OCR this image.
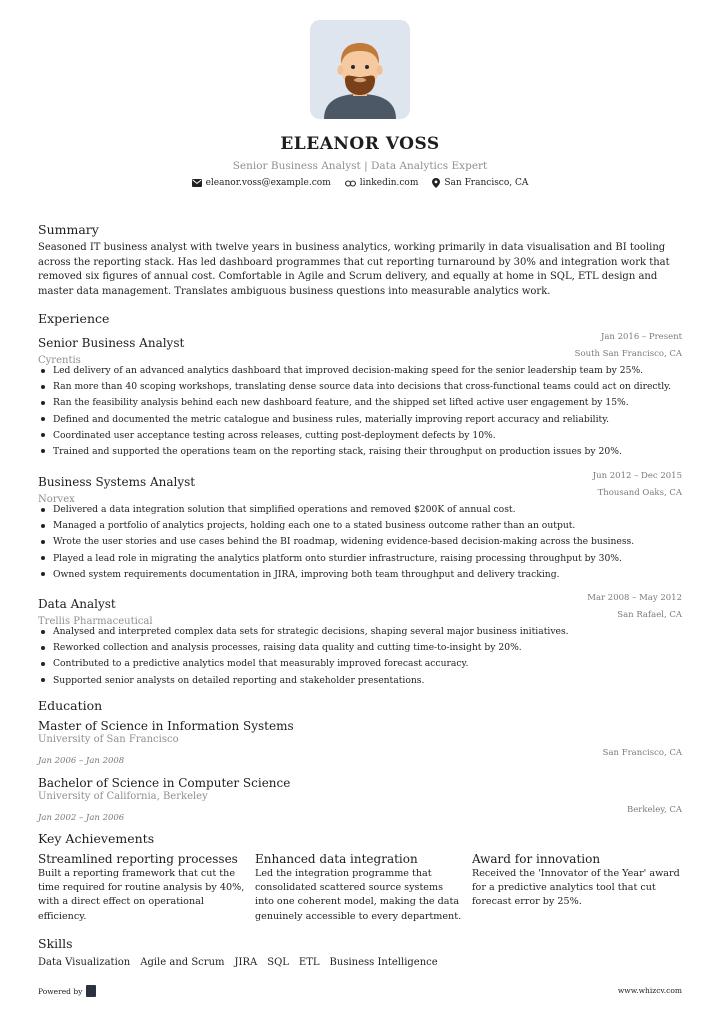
ELEANOR VOSS
Senior Business Analyst | Data Analytics Expert
eleanor.voss@example.com	linkedin.com	San Francisco, CA
Summary
Seasoned IT business analyst with twelve years in business analytics, working primarily in data visualisation and BI tooling across the reporting stack. Has led dashboard programmes that cut reporting turnaround by 30% and integration work that removed six figures of annual cost. Comfortable in Agile and Scrum delivery, and equally at home in SQL, ETL design and master data management. Translates ambiguous business questions into measurable analytics work.
Experience
Senior Business Analyst	Jan 2016 – Present
Cyrentis
South San Francisco, CA
Led delivery of an advanced analytics dashboard that improved decision-making speed for the senior leadership team by 25%.
Ran more than 40 scoping workshops, translating dense source data into decisions that cross-functional teams could act on directly.
Ran the feasibility analysis behind each new dashboard feature, and the shipped set lifted active user engagement by 15%.
Defined and documented the metric catalogue and business rules, materially improving report accuracy and reliability.
Coordinated user acceptance testing across releases, cutting post-deployment defects by 10%.
Trained and supported the operations team on the reporting stack, raising their throughput on production issues by 20%.
Business Systems Analyst	Jun 2012 – Dec 2015
Norvex
Thousand Oaks, CA
Delivered a data integration solution that simplified operations and removed $200K of annual cost.
Managed a portfolio of analytics projects, holding each one to a stated business outcome rather than an output.
Wrote the user stories and use cases behind the BI roadmap, widening evidence-based decision-making across the business.
Played a lead role in migrating the analytics platform onto sturdier infrastructure, raising processing throughput by 30%.
Owned system requirements documentation in JIRA, improving both team throughput and delivery tracking.
Data Analyst	Mar 2008 – May 2012
Trellis Pharmaceutical
San Rafael, CA
Analysed and interpreted complex data sets for strategic decisions, shaping several major business initiatives.
Reworked collection and analysis processes, raising data quality and cutting time-to-insight by 20%.
Contributed to a predictive analytics model that measurably improved forecast accuracy.
Supported senior analysts on detailed reporting and stakeholder presentations.
Education
Master of Science in Information Systems
University of San Francisco
Jan 2006 – Jan 2008
San Francisco, CA
Bachelor of Science in Computer Science
University of California, Berkeley
Jan 2002 – Jan 2006
Berkeley, CA
Key Achievements
Streamlined reporting processes
Built a reporting framework that cut the time required for routine analysis by 40%, with a direct effect on operational efficiency.
Enhanced data integration
Led the integration programme that consolidated scattered source systems into one coherent model, making the data genuinely accessible to every department.
Award for innovation
Received the 'Innovator of the Year' award for a predictive analytics tool that cut forecast error by 25%.
Skills
Data Visualization Agile and Scrum JIRA SQL ETL Business Intelligence
Powered by	www.whizcv.com
